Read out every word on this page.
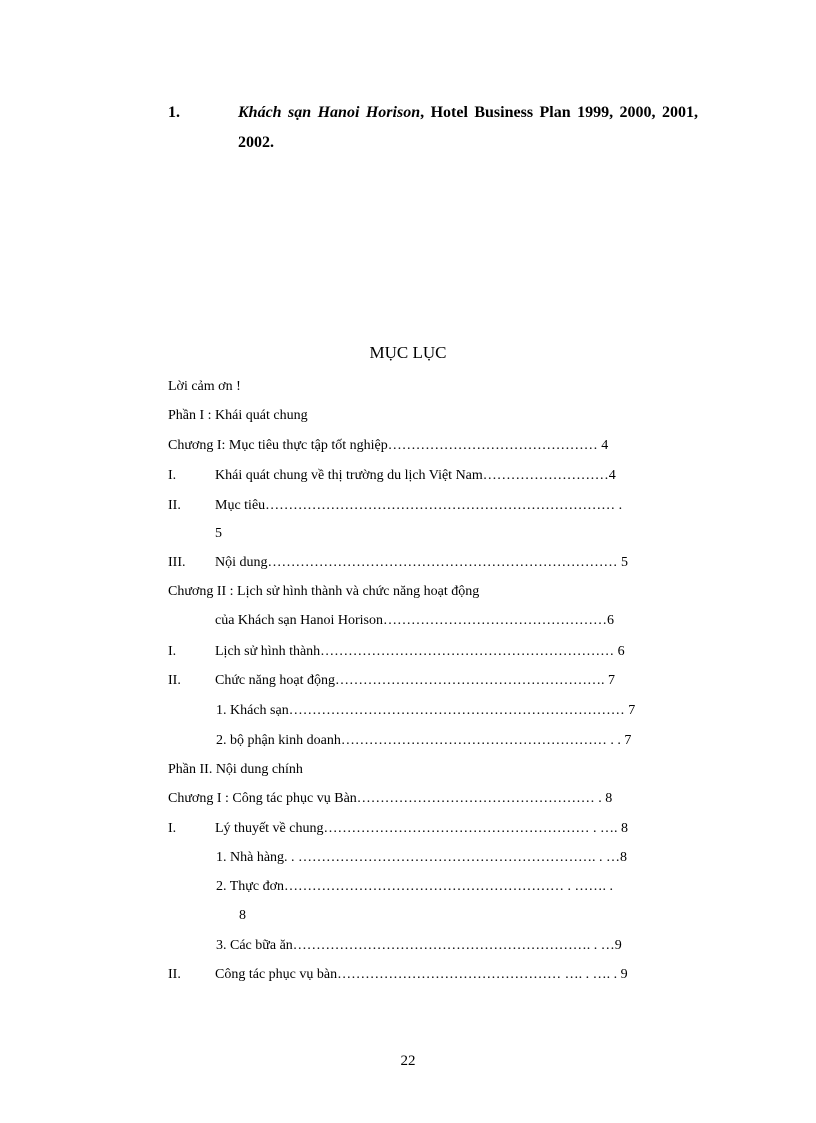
1.	Khách sạn Hanoi Horison, Hotel Business Plan 1999, 2000, 2001,
2002.
MỤC LỤC
Lời cảm ơn !
Phần I : Khái quát chung
Chương I: Mục tiêu thực tập tốt nghiệp……………………………………… 4
I.	Khái quát chung về thị trường du lịch Việt Nam………………………4
II. Mục tiêu………………………………………………………………… .
5
III. Nội dung………………………………………………………………… 5
Chương II : Lịch sử hình thành và chức năng hoạt động
của Khách sạn Hanoi Horison…………………………………………6
I.	Lịch sử hình thành……………………………………………………… 6
II. Chức năng hoạt động…………………………………………………. 7
1. Khách sạn……………………………………………………………… 7
2. bộ phận kinh doanh………………………………………………… . . 7
Phần II. Nội dung chính
Chương I : Công tác phục vụ Bàn…………………………………………… . 8
I.	Lý thuyết về chung………………………………………………… . …. 8
1. Nhà hàng. . ………………………………………………………. . …8
2. Thực đơn…………………………………………………… . ……. .
8
3. Các bữa ăn………………………………………………………. . …9
II. Công tác phục vụ bàn………………………………………… …. . …. . 9
22
